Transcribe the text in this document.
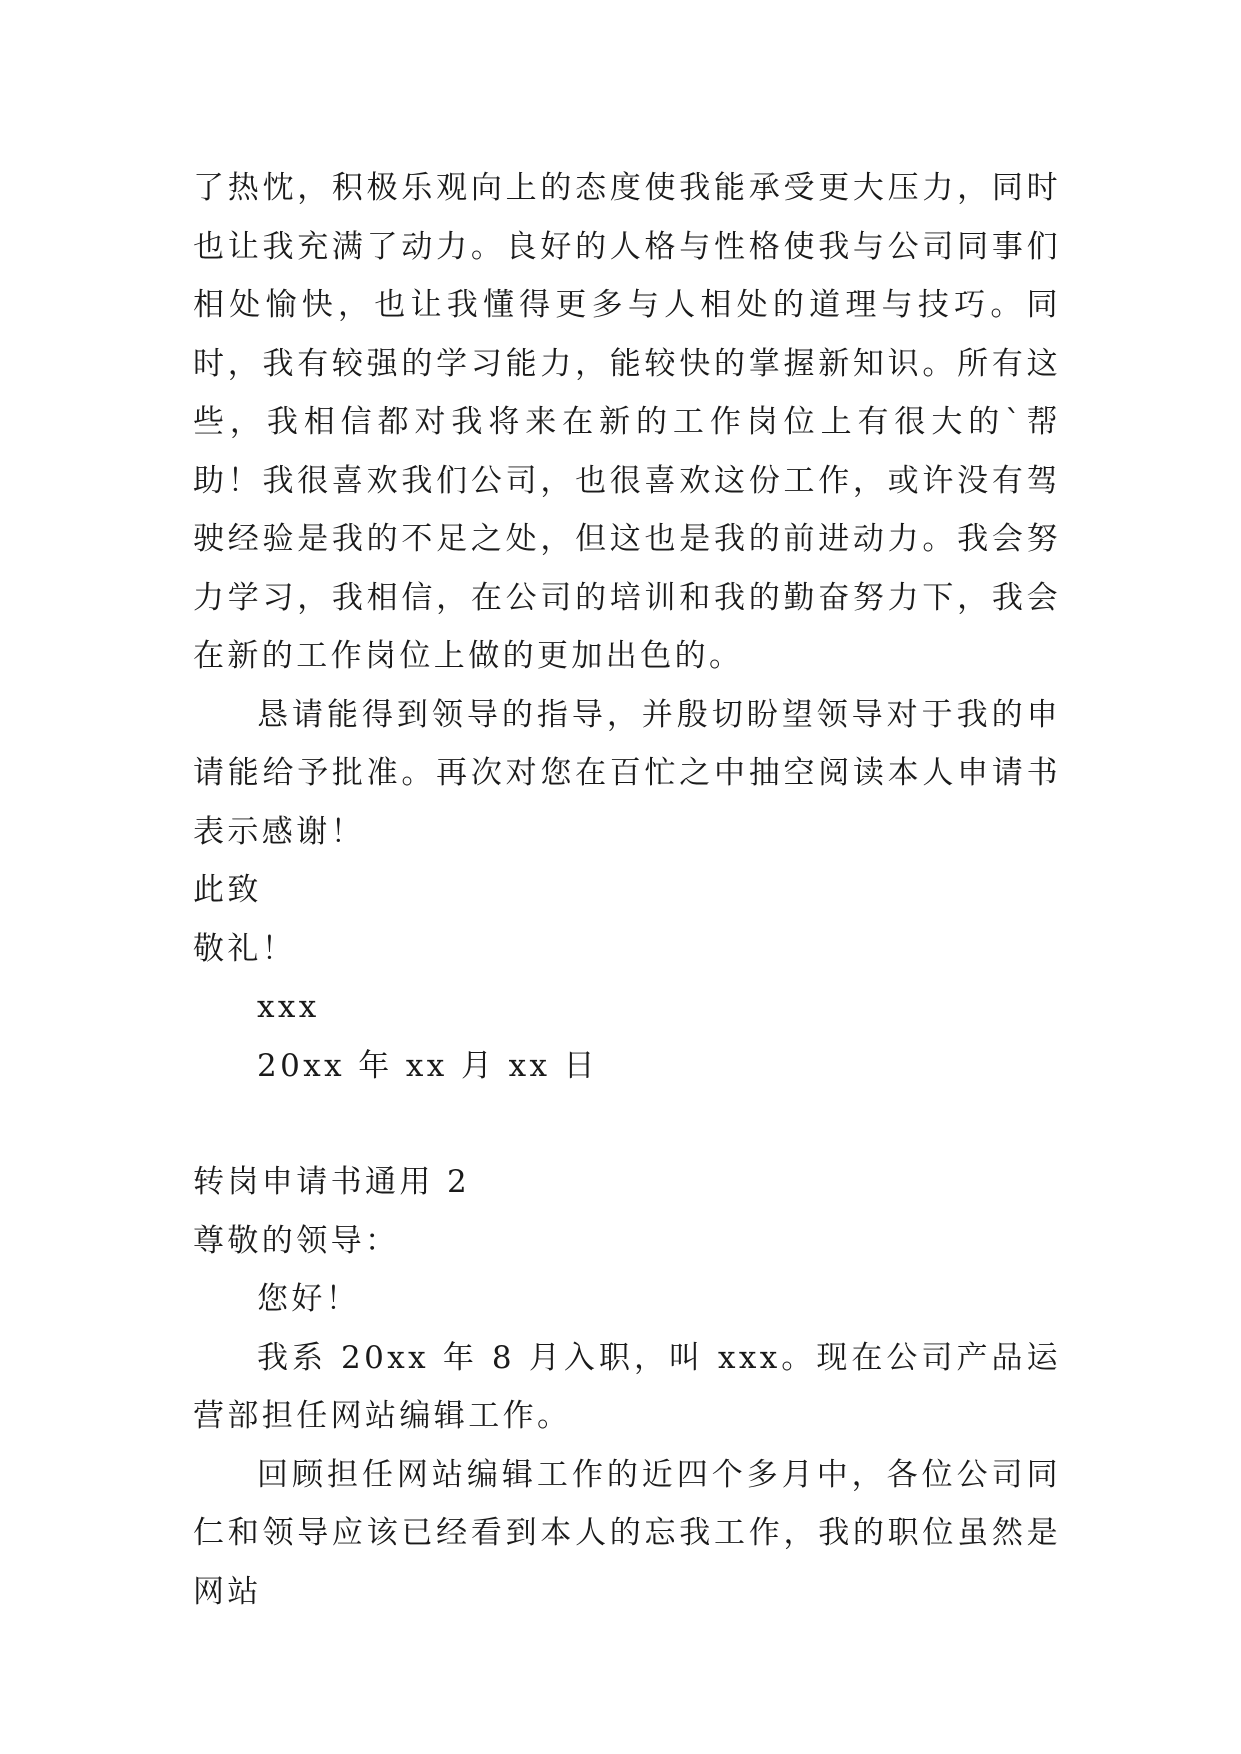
了热忱，积极乐观向上的态度使我能承受更大压力，同时也让我充满了动力。良好的人格与性格使我与公司同事们相处愉快，也让我懂得更多与人相处的道理与技巧。同时，我有较强的学习能力，能较快的掌握新知识。所有这些，我相信都对我将来在新的工作岗位上有很大的`帮助！我很喜欢我们公司，也很喜欢这份工作，或许没有驾驶经验是我的不足之处，但这也是我的前进动力。我会努力学习，我相信，在公司的培训和我的勤奋努力下，我会在新的工作岗位上做的更加出色的。

恳请能得到领导的指导，并殷切盼望领导对于我的申请能给予批准。再次对您在百忙之中抽空阅读本人申请书表示感谢！

此致

敬礼！

xxx

20xx 年 xx 月 xx 日

转岗申请书通用 2

尊敬的领导：

您好！

我系 20xx 年 8 月入职，叫 xxx。现在公司产品运营部担任网站编辑工作。

回顾担任网站编辑工作的近四个多月中，各位公司同仁和领导应该已经看到本人的忘我工作，我的职位虽然是网站
